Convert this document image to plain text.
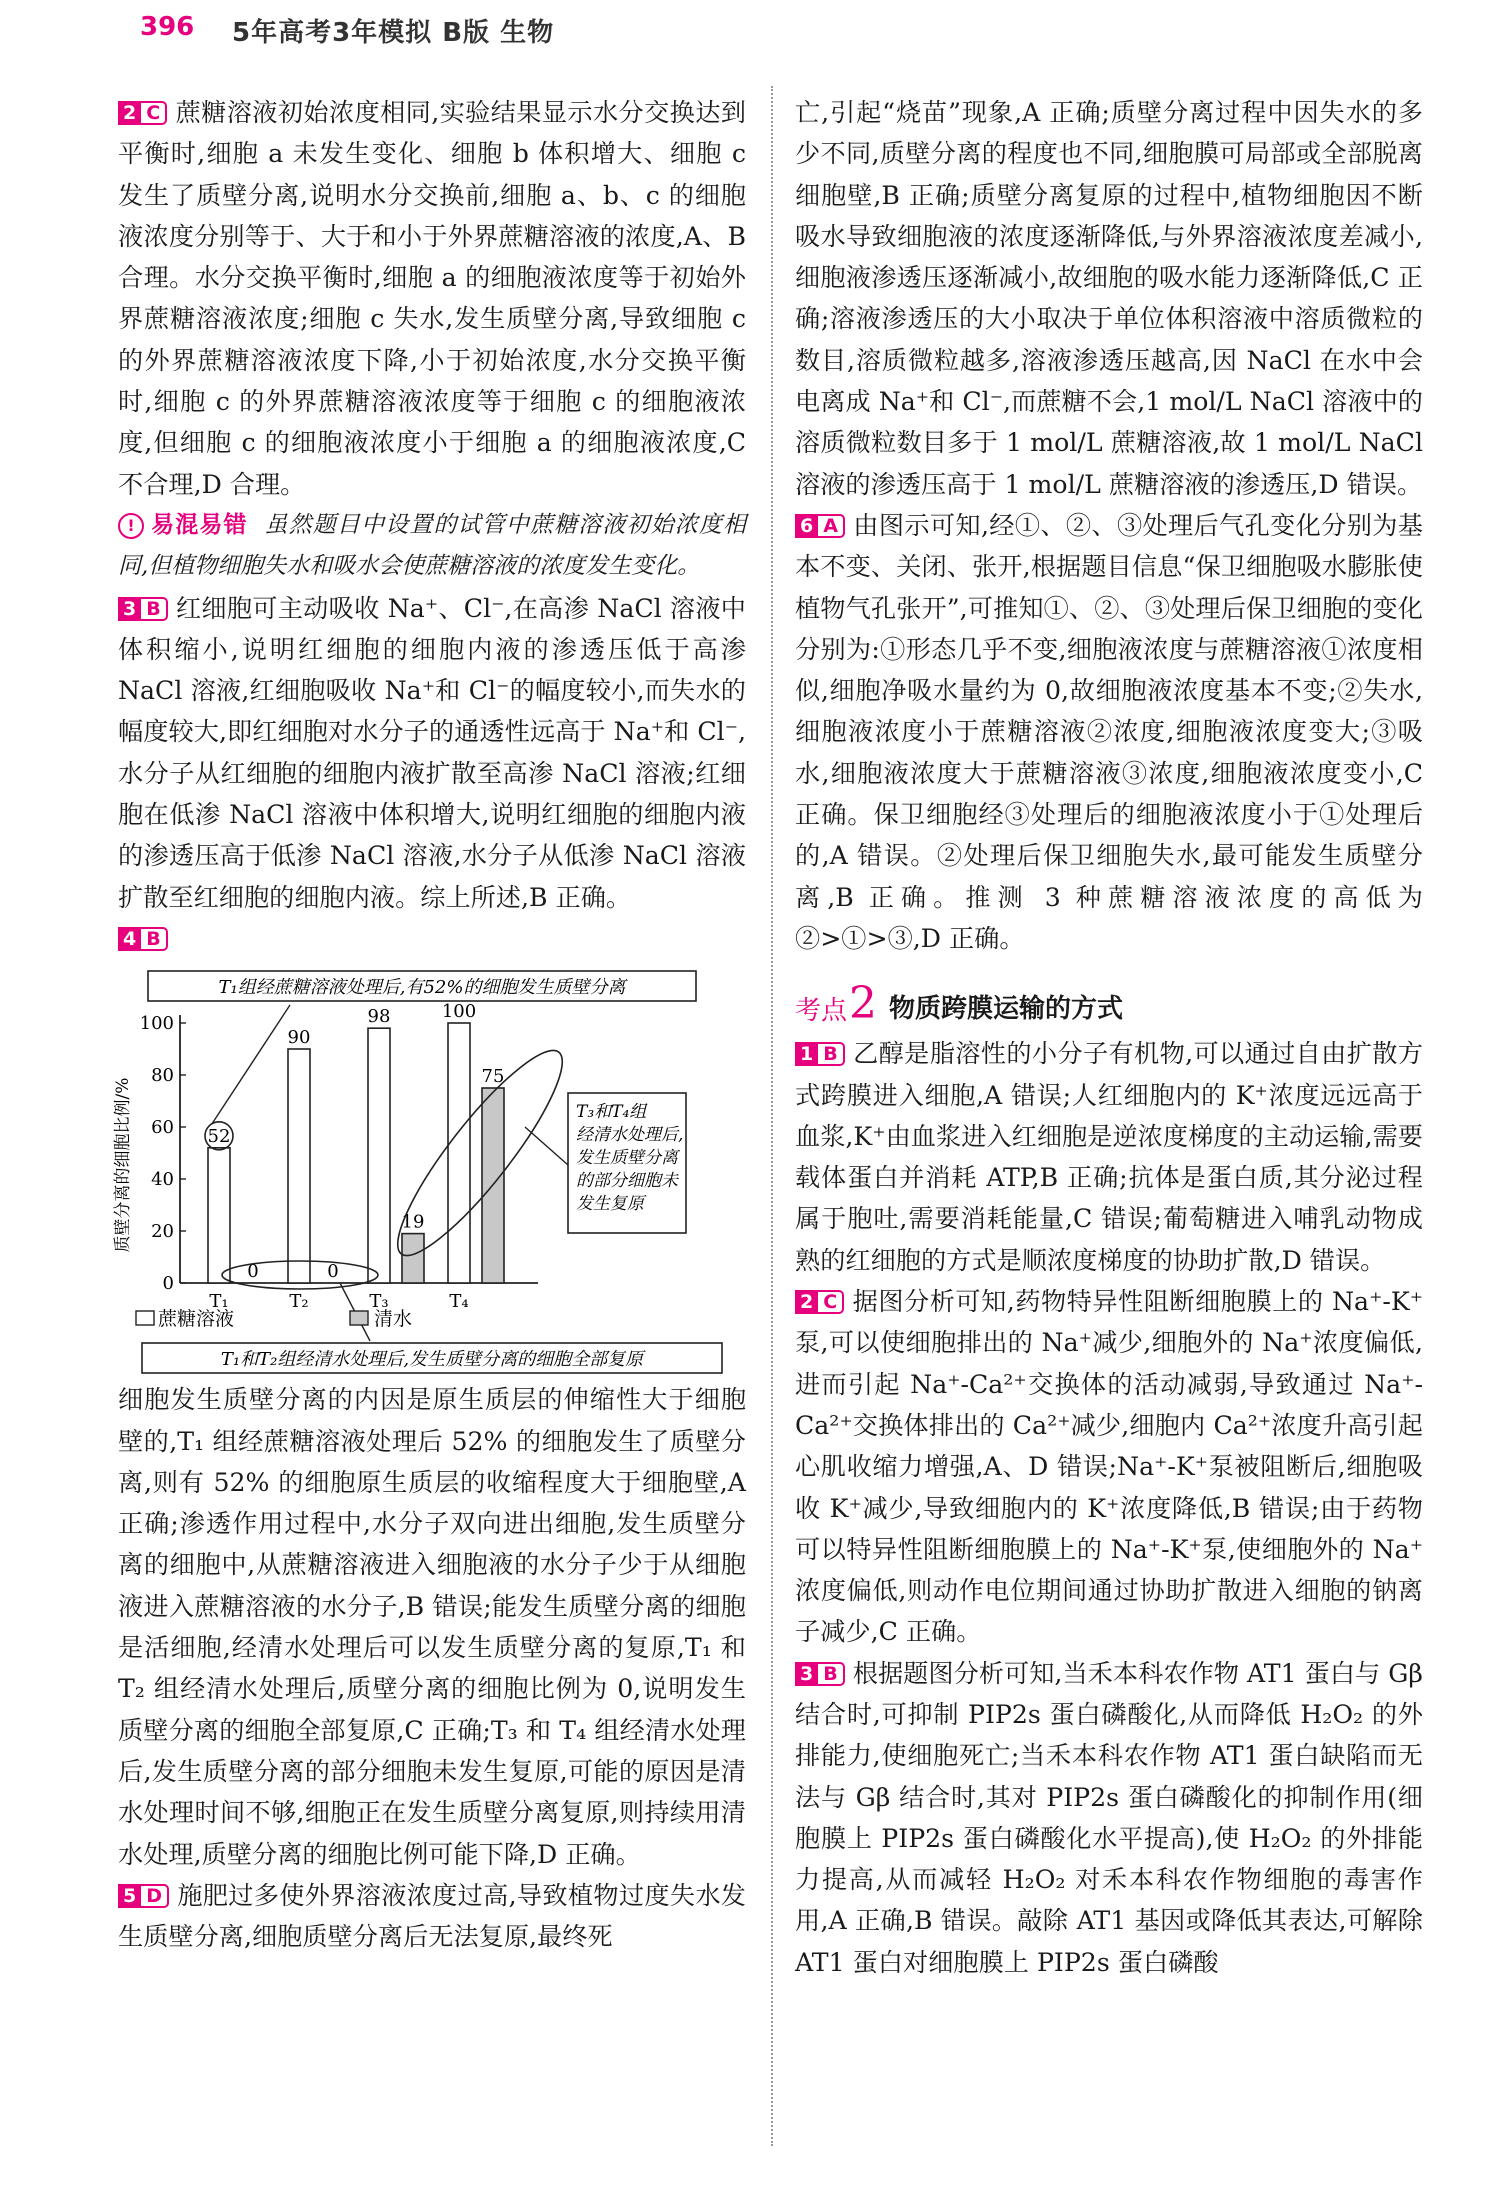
396 5年高考3年模拟 B版 生物

2 C 蔗糖溶液初始浓度相同,实验结果显示水分交换达到平衡时,细胞 a 未发生变化、细胞 b 体积增大、细胞 c 发生了质壁分离,说明水分交换前,细胞 a、b、c 的细胞液浓度分别等于、大于和小于外界蔗糖溶液的浓度,A、B 合理。水分交换平衡时,细胞 a 的细胞液浓度等于初始外界蔗糖溶液浓度;细胞 c 失水,发生质壁分离,导致细胞 c 的外界蔗糖溶液浓度下降,小于初始浓度,水分交换平衡时,细胞 c 的外界蔗糖溶液浓度等于细胞 c 的细胞液浓度,但细胞 c 的细胞液浓度小于细胞 a 的细胞液浓度,C 不合理,D 合理。

! 易混易错 虽然题目中设置的试管中蔗糖溶液初始浓度相同,但植物细胞失水和吸水会使蔗糖溶液的浓度发生变化。

3 B 红细胞可主动吸收 Na⁺、Cl⁻,在高渗 NaCl 溶液中体积缩小,说明红细胞的细胞内液的渗透压低于高渗 NaCl 溶液,红细胞吸收 Na⁺和 Cl⁻的幅度较小,而失水的幅度较大,即红细胞对水分子的通透性远高于 Na⁺和 Cl⁻,水分子从红细胞的细胞内液扩散至高渗 NaCl 溶液;红细胞在低渗 NaCl 溶液中体积增大,说明红细胞的细胞内液的渗透压高于低渗 NaCl 溶液,水分子从低渗 NaCl 溶液扩散至红细胞的细胞内液。综上所述,B 正确。

4 B

T₁组经蔗糖溶液处理后,有52%的细胞发生质壁分离
T₃和T₄组经清水处理后,发生质壁分离的部分细胞未发生复原
T₁和T₂组经清水处理后,发生质壁分离的细胞全部复原
质壁分离的细胞比例/%
0
20
40
60
80
100
52
0
T₁
90
0
T₂
98
19
T₃
100
75
T₄
蔗糖溶液	清水

细胞发生质壁分离的内因是原生质层的伸缩性大于细胞壁的,T₁ 组经蔗糖溶液处理后 52% 的细胞发生了质壁分离,则有 52% 的细胞原生质层的收缩程度大于细胞壁,A 正确;渗透作用过程中,水分子双向进出细胞,发生质壁分离的细胞中,从蔗糖溶液进入细胞液的水分子少于从细胞液进入蔗糖溶液的水分子,B 错误;能发生质壁分离的细胞是活细胞,经清水处理后可以发生质壁分离的复原,T₁ 和 T₂ 组经清水处理后,质壁分离的细胞比例为 0,说明发生质壁分离的细胞全部复原,C 正确;T₃ 和 T₄ 组经清水处理后,发生质壁分离的部分细胞未发生复原,可能的原因是清水处理时间不够,细胞正在发生质壁分离复原,则持续用清水处理,质壁分离的细胞比例可能下降,D 正确。

5 D 施肥过多使外界溶液浓度过高,导致植物过度失水发生质壁分离,细胞质壁分离后无法复原,最终死

亡,引起“烧苗”现象,A 正确;质壁分离过程中因失水的多少不同,质壁分离的程度也不同,细胞膜可局部或全部脱离细胞壁,B 正确;质壁分离复原的过程中,植物细胞因不断吸水导致细胞液的浓度逐渐降低,与外界溶液浓度差减小,细胞液渗透压逐渐减小,故细胞的吸水能力逐渐降低,C 正确;溶液渗透压的大小取决于单位体积溶液中溶质微粒的数目,溶质微粒越多,溶液渗透压越高,因 NaCl 在水中会电离成 Na⁺和 Cl⁻,而蔗糖不会,1 mol/L NaCl 溶液中的溶质微粒数目多于 1 mol/L 蔗糖溶液,故 1 mol/L NaCl 溶液的渗透压高于 1 mol/L 蔗糖溶液的渗透压,D 错误。

6 A 由图示可知,经①、②、③处理后气孔变化分别为基本不变、关闭、张开,根据题目信息“保卫细胞吸水膨胀使植物气孔张开”,可推知①、②、③处理后保卫细胞的变化分别为:①形态几乎不变,细胞液浓度与蔗糖溶液①浓度相似,细胞净吸水量约为 0,故细胞液浓度基本不变;②失水,细胞液浓度小于蔗糖溶液②浓度,细胞液浓度变大;③吸水,细胞液浓度大于蔗糖溶液③浓度,细胞液浓度变小,C 正确。保卫细胞经③处理后的细胞液浓度小于①处理后的,A 错误。②处理后保卫细胞失水,最可能发生质壁分离,B 正确。推测 3 种蔗糖溶液浓度的高低为②>①>③,D 正确。

考点 2 物质跨膜运输的方式

1 B 乙醇是脂溶性的小分子有机物,可以通过自由扩散方式跨膜进入细胞,A 错误;人红细胞内的 K⁺浓度远远高于血浆,K⁺由血浆进入红细胞是逆浓度梯度的主动运输,需要载体蛋白并消耗 ATP,B 正确;抗体是蛋白质,其分泌过程属于胞吐,需要消耗能量,C 错误;葡萄糖进入哺乳动物成熟的红细胞的方式是顺浓度梯度的协助扩散,D 错误。

2 C 据图分析可知,药物特异性阻断细胞膜上的 Na⁺-K⁺泵,可以使细胞排出的 Na⁺减少,细胞外的 Na⁺浓度偏低,进而引起 Na⁺-Ca²⁺交换体的活动减弱,导致通过 Na⁺-Ca²⁺交换体排出的 Ca²⁺减少,细胞内 Ca²⁺浓度升高引起心肌收缩力增强,A、D 错误;Na⁺-K⁺泵被阻断后,细胞吸收 K⁺减少,导致细胞内的 K⁺浓度降低,B 错误;由于药物可以特异性阻断细胞膜上的 Na⁺-K⁺泵,使细胞外的 Na⁺浓度偏低,则动作电位期间通过协助扩散进入细胞的钠离子减少,C 正确。

3 B 根据题图分析可知,当禾本科农作物 AT1 蛋白与 Gβ 结合时,可抑制 PIP2s 蛋白磷酸化,从而降低 H₂O₂ 的外排能力,使细胞死亡;当禾本科农作物 AT1 蛋白缺陷而无法与 Gβ 结合时,其对 PIP2s 蛋白磷酸化的抑制作用(细胞膜上 PIP2s 蛋白磷酸化水平提高),使 H₂O₂ 的外排能力提高,从而减轻 H₂O₂ 对禾本科农作物细胞的毒害作用,A 正确,B 错误。敲除 AT1 基因或降低其表达,可解除 AT1 蛋白对细胞膜上 PIP2s 蛋白磷酸
